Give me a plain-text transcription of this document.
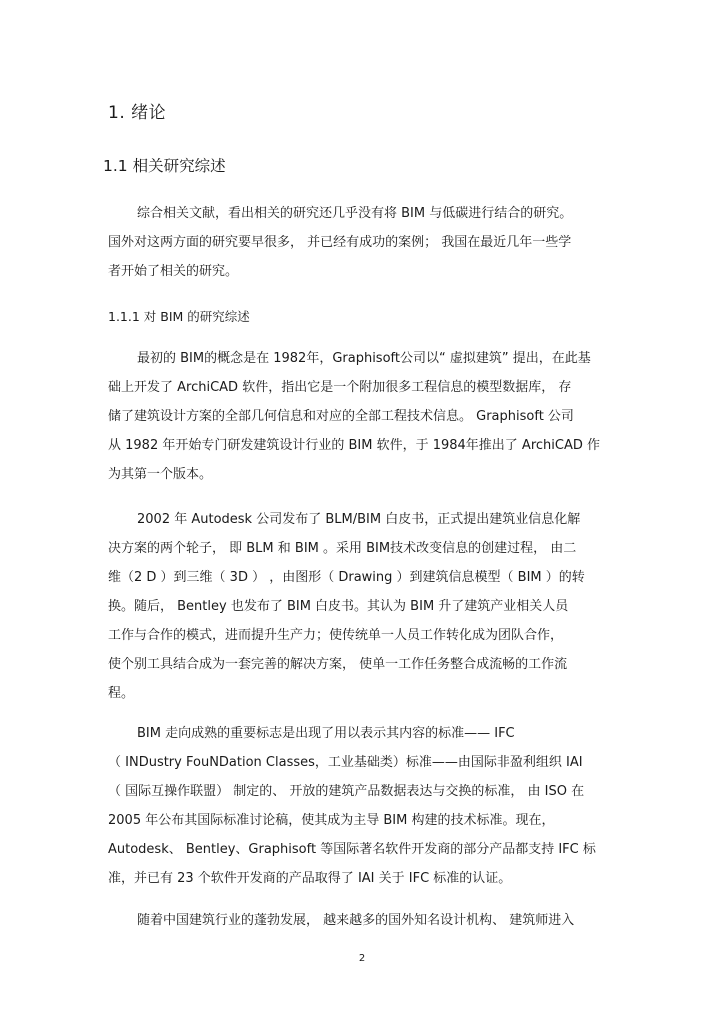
1. 绪论
1.1 相关研究综述
综合相关文献，看出相关的研究还几乎没有将 BIM 与低碳进行结合的研究。
国外对这两方面的研究要早很多， 并已经有成功的案例； 我国在最近几年一些学
者开始了相关的研究。
1.1.1 对 BIM 的研究综述
最初的 BIM的概念是在 1982年，Graphisoft公司以“ 虚拟建筑” 提出，在此基
础上开发了 ArchiCAD 软件，指出它是一个附加很多工程信息的模型数据库， 存
储了建筑设计方案的全部几何信息和对应的全部工程技术信息。 Graphisoft 公司
从 1982 年开始专门研发建筑设计行业的 BIM 软件，于 1984年推出了 ArchiCAD 作
为其第一个版本。
2002 年 Autodesk 公司发布了 BLM/BIM 白皮书，正式提出建筑业信息化解
决方案的两个轮子， 即 BLM 和 BIM 。采用 BIM技术改变信息的创建过程， 由二
维（2 D ）到三维（ 3D ） ，由图形（ Drawing ）到建筑信息模型（ BIM ）的转
换。随后， Bentley 也发布了 BIM 白皮书。其认为 BIM 升了建筑产业相关人员
工作与合作的模式，进而提升生产力；使传统单一人员工作转化成为团队合作，
使个别工具结合成为一套完善的解决方案， 使单一工作任务整合成流畅的工作流
程。
BIM 走向成熟的重要标志是出现了用以表示其内容的标准—— IFC
（ INDustry FouNDation Classes，工业基础类）标准——由国际非盈利组织 IAI
（ 国际互操作联盟） 制定的、 开放的建筑产品数据表达与交换的标准， 由 ISO 在
2005 年公布其国际标准讨论稿，使其成为主导 BIM 构建的技术标准。现在，
Autodesk、 Bentley、Graphisoft 等国际著名软件开发商的部分产品都支持 IFC 标
准，并已有 23 个软件开发商的产品取得了 IAI 关于 IFC 标准的认证。
随着中国建筑行业的蓬勃发展， 越来越多的国外知名设计机构、 建筑师进入
2
